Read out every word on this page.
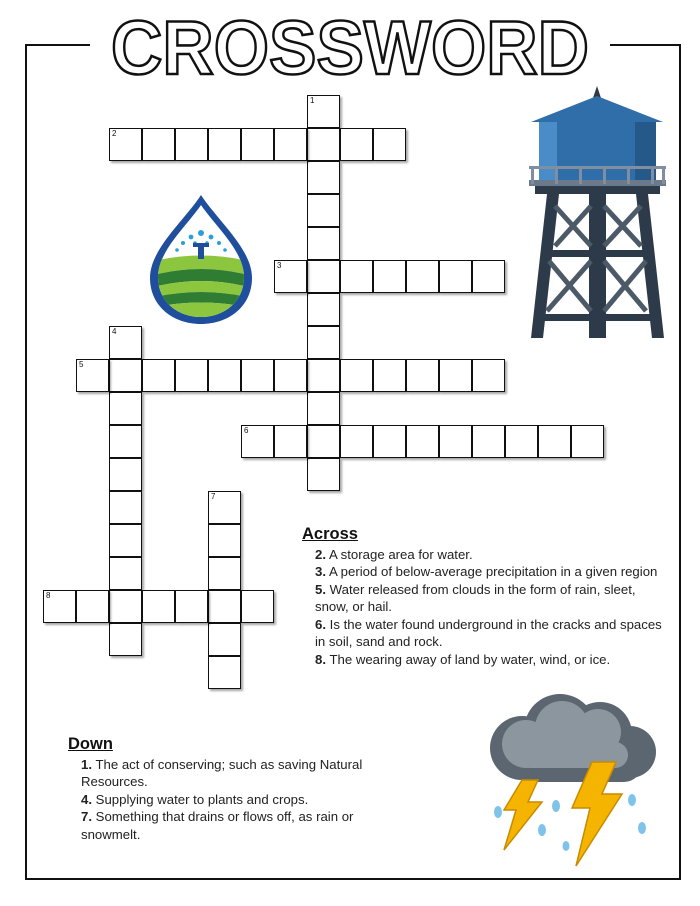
CROSSWORD
1
2
3
4
5
6
7
8
Across
2. A storage area for water.
3. A period of below-average precipitation in a given region
5. Water released from clouds in the form of rain, sleet, snow, or hail.
6. Is the water found underground in the cracks and spaces in soil, sand and rock.
8. The wearing away of land by water, wind, or ice.
Down
1. The act of conserving; such as saving Natural Resources.
4. Supplying water to plants and crops.
7. Something that drains or flows off, as rain or snowmelt.
